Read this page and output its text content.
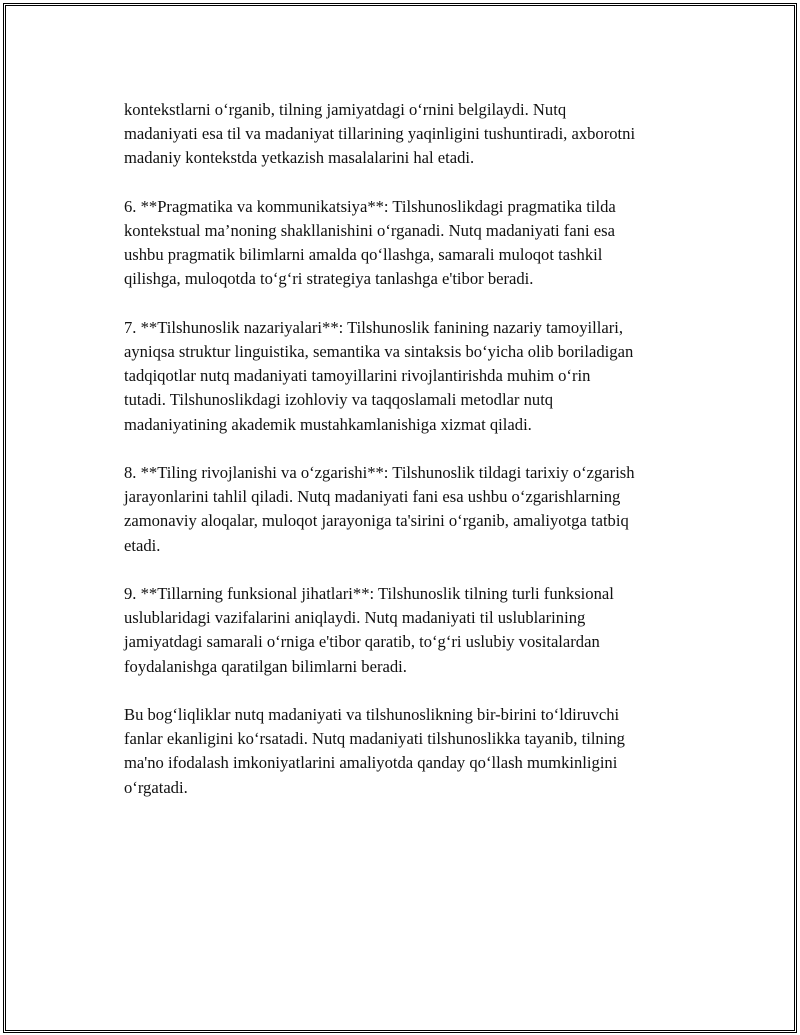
kontekstlarni o‘rganib, tilning jamiyatdagi o‘rnini belgilaydi. Nutq
madaniyati esa til va madaniyat tillarining yaqinligini tushuntiradi, axborotni
madaniy kontekstda yetkazish masalalarini hal etadi.

6. **Pragmatika va kommunikatsiya**: Tilshunoslikdagi pragmatika tilda
kontekstual ma’noning shakllanishini o‘rganadi. Nutq madaniyati fani esa
ushbu pragmatik bilimlarni amalda qo‘llashga, samarali muloqot tashkil
qilishga, muloqotda to‘g‘ri strategiya tanlashga e'tibor beradi.

7. **Tilshunoslik nazariyalari**: Tilshunoslik fanining nazariy tamoyillari,
ayniqsa struktur linguistika, semantika va sintaksis bo‘yicha olib boriladigan
tadqiqotlar nutq madaniyati tamoyillarini rivojlantirishda muhim o‘rin
tutadi. Tilshunoslikdagi izohloviy va taqqoslamali metodlar nutq
madaniyatining akademik mustahkamlanishiga xizmat qiladi.

8. **Tiling rivojlanishi va o‘zgarishi**: Tilshunoslik tildagi tarixiy o‘zgarish
jarayonlarini tahlil qiladi. Nutq madaniyati fani esa ushbu o‘zgarishlarning
zamonaviy aloqalar, muloqot jarayoniga ta'sirini o‘rganib, amaliyotga tatbiq
etadi.

9. **Tillarning funksional jihatlari**: Tilshunoslik tilning turli funksional
uslublaridagi vazifalarini aniqlaydi. Nutq madaniyati til uslublarining
jamiyatdagi samarali o‘rniga e'tibor qaratib, to‘g‘ri uslubiy vositalardan
foydalanishga qaratilgan bilimlarni beradi.

Bu bog‘liqliklar nutq madaniyati va tilshunoslikning bir-birini to‘ldiruvchi
fanlar ekanligini ko‘rsatadi. Nutq madaniyati tilshunoslikka tayanib, tilning
ma'no ifodalash imkoniyatlarini amaliyotda qanday qo‘llash mumkinligini
o‘rgatadi.
